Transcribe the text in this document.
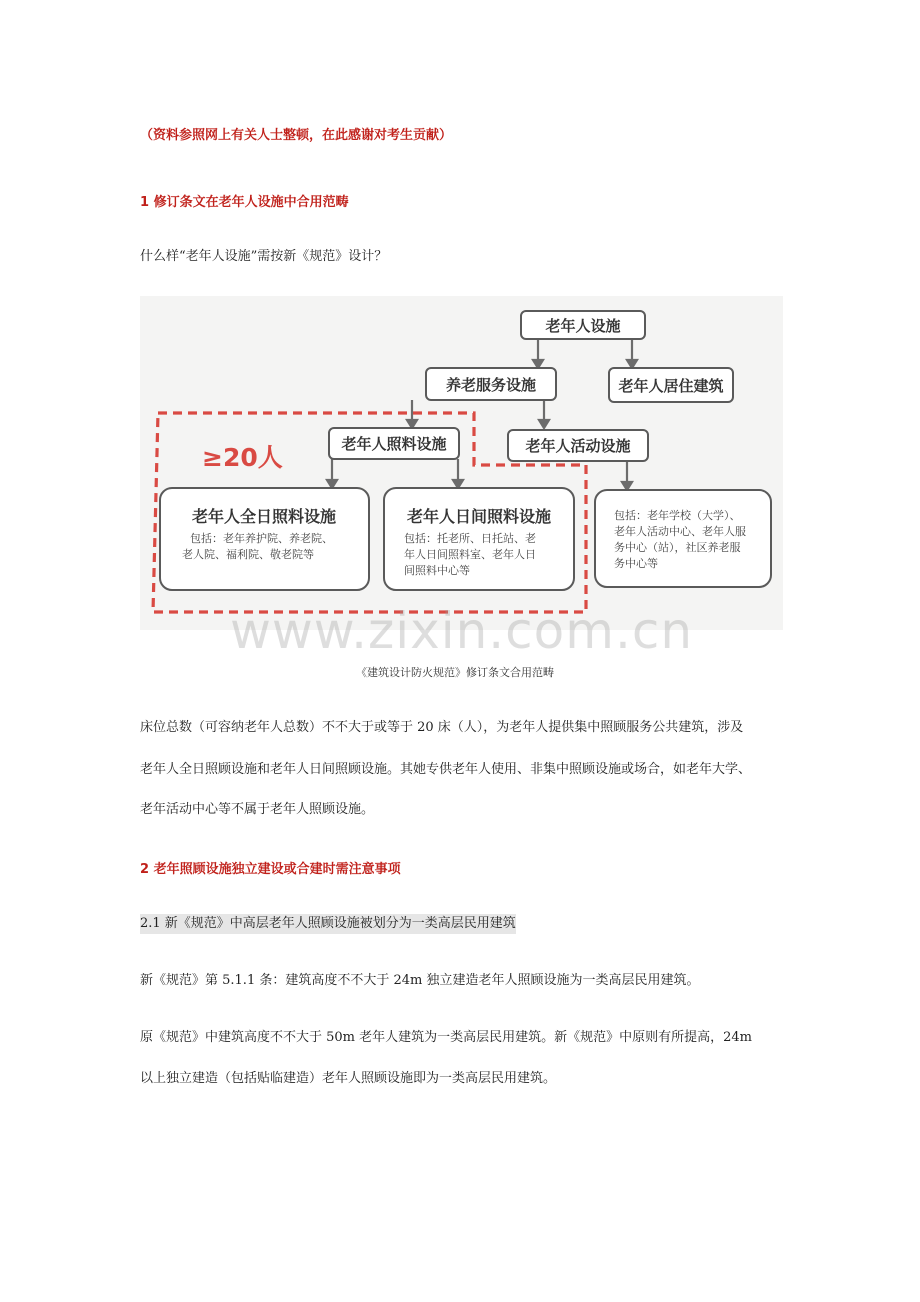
（资料参照网上有关人士整顿，在此感谢对考生贡献）
1 修订条文在老年人设施中合用范畴
什么样“老年人设施”需按新《规范》设计？
老年人设施
老年人居住建筑
养老服务设施
老年人照料设施	老年人活动设施
老年人全日照料设施	老年人日间照料设施
包括：老年养护院、养老院、
老人院、福利院、敬老院等
包括：托老所、日托站、老
年人日间照料室、老年人日
间照料中心等
包括：老年学校（大学）、
老年人活动中心、老年人服
务中心（站），社区养老服
务中心等
≥20人
www.zixin.com.cn
《建筑设计防火规范》修订条文合用范畴
床位总数（可容纳老年人总数）不不大于或等于 20 床（人），为老年人提供集中照顾服务公共建筑，涉及
老年人全日照顾设施和老年人日间照顾设施。其她专供老年人使用、非集中照顾设施或场合，如老年大学、
老年活动中心等不属于老年人照顾设施。
2 老年照顾设施独立建设或合建时需注意事项
2.1 新《规范》中高层老年人照顾设施被划分为一类高层民用建筑
新《规范》第 5.1.1 条：建筑高度不不大于 24m 独立建造老年人照顾设施为一类高层民用建筑。
原《规范》中建筑高度不不大于 50m 老年人建筑为一类高层民用建筑。新《规范》中原则有所提高，24m
以上独立建造（包括贴临建造）老年人照顾设施即为一类高层民用建筑。
